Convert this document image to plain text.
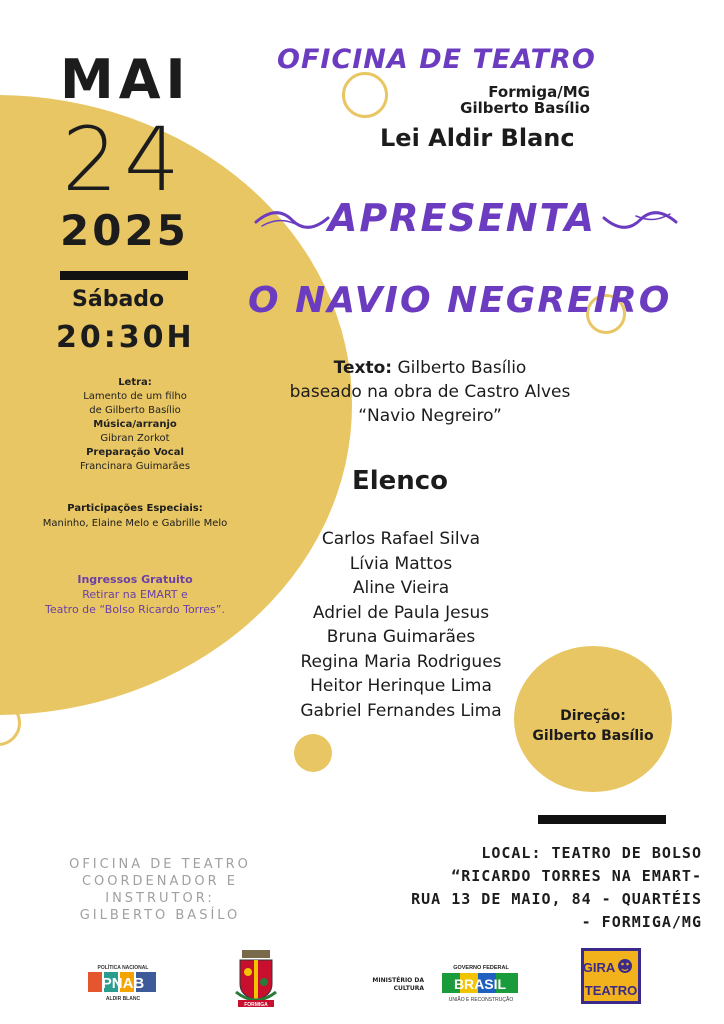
MAI
24
2025
Sábado
20:30H
Letra:
Lamento de um filho
de Gilberto Basílio
Música/arranjo
Gibran Zorkot
Preparação Vocal
Francinara Guimarães
Participações Especiais:
Maninho, Elaine Melo e Gabrille Melo
Ingressos Gratuito
Retirar na EMART e
Teatro de “Bolso Ricardo Torres”.
OFICINA DE TEATRO
Formiga/MG
Gilberto Basílio
Lei Aldir Blanc
APRESENTA
O NAVIO NEGREIRO
Texto: Gilberto Basílio
baseado na obra de Castro Alves
“Navio Negreiro”
Elenco
Carlos Rafael Silva
Lívia Mattos
Aline Vieira
Adriel de Paula Jesus
Bruna Guimarães
Regina Maria Rodrigues
Heitor Herinque Lima
Gabriel Fernandes Lima	Direção:
Gilberto Basílio
LOCAL: TEATRO DE BOLSO
“RICARDO TORRES NA EMART-
RUA 13 DE MAIO, 84 - QUARTÉIS
- FORMIGA/MG
OFICINA DE TEATRO
COORDENADOR E
INSTRUTOR:
GILBERTO BASÍLO
POLÍTICA NACIONAL
PNAB
ALDIR BLANC
FORMIGA
MINISTÉRIO DA
CULTURA
GOVERNO FEDERAL
BRASIL
UNIÃO E RECONSTRUÇÃO
GIRA
TEATRO
